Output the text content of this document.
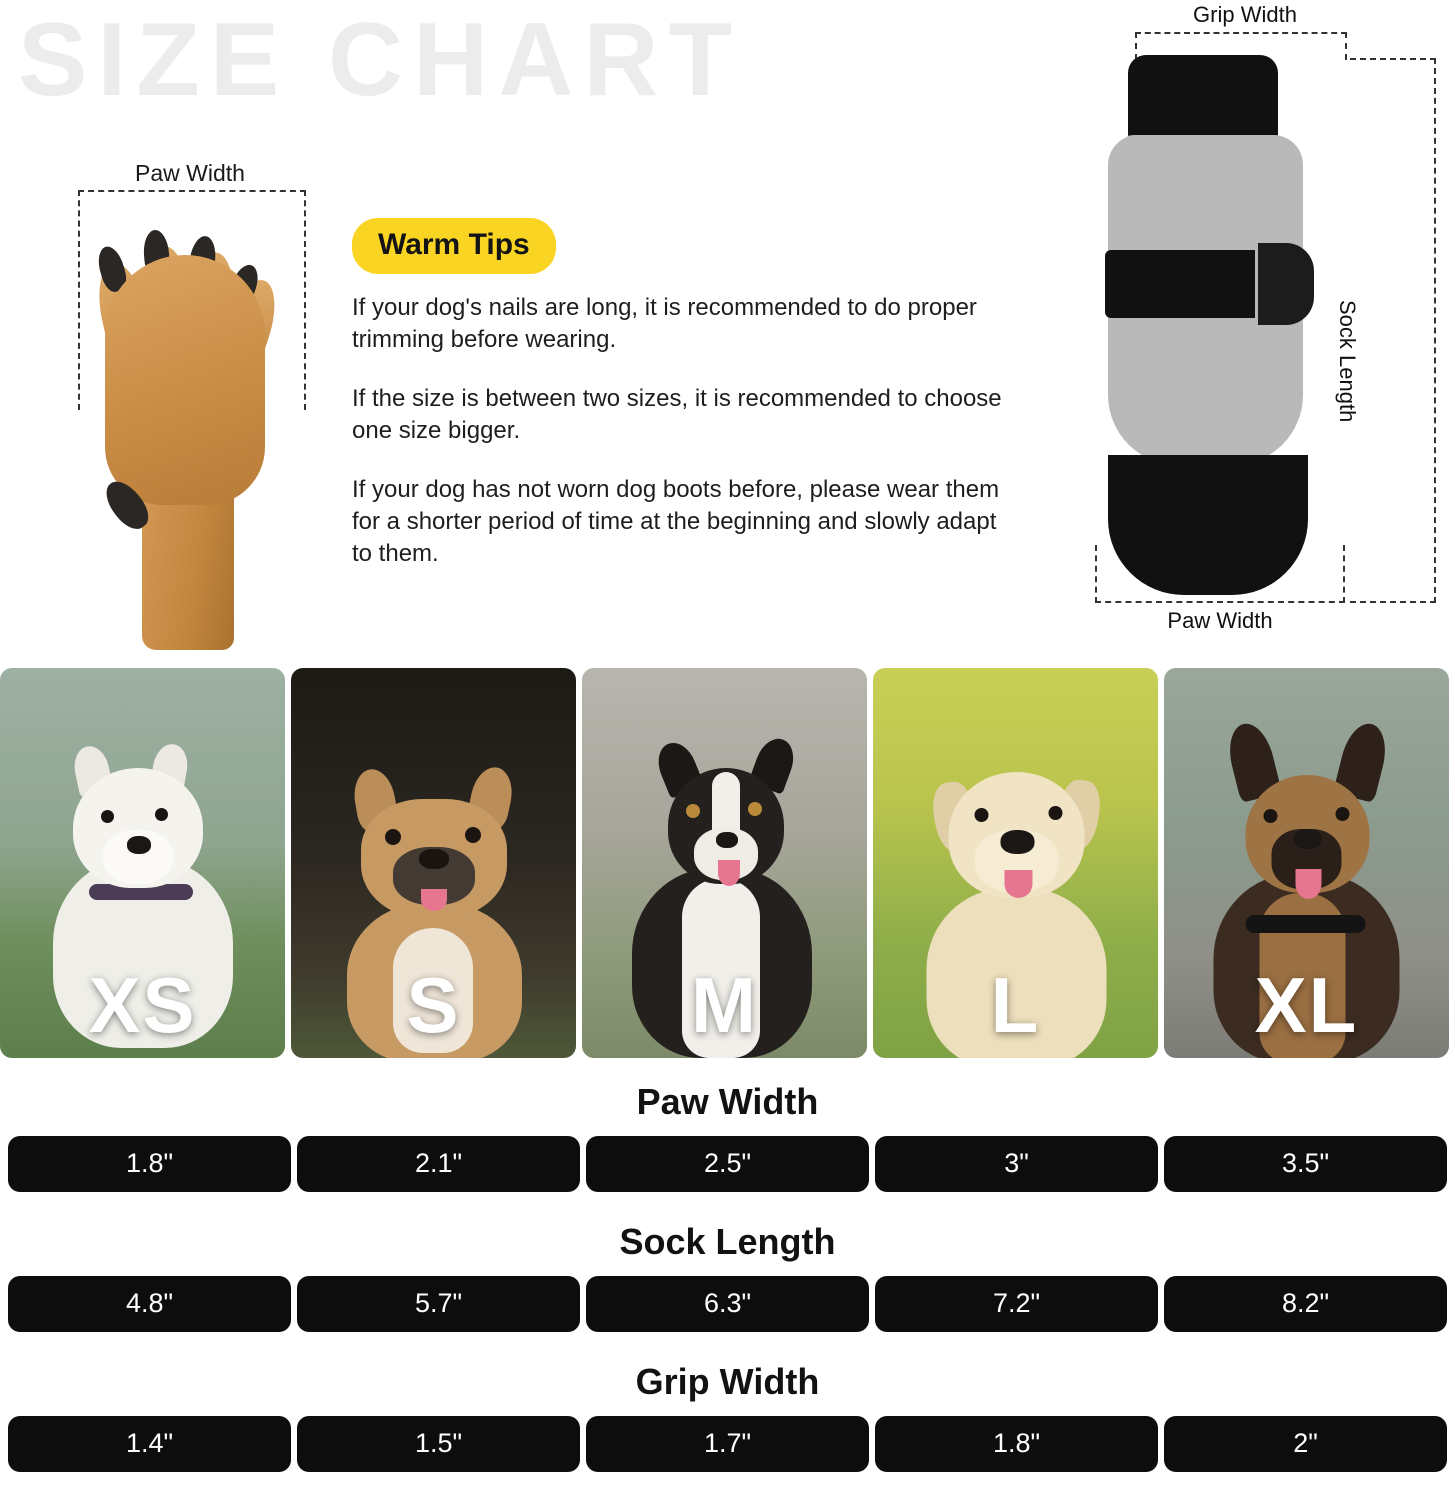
SIZE CHART
Paw Width
Warm Tips

If your dog's nails are long, it is recommended to do proper trimming before wearing.

If the size is between two sizes, it is recommended to choose one size bigger.

If your dog has not worn dog boots before, please wear them for a shorter period of time at the beginning and slowly adapt to them.

Grip Width
Sock Length
Paw Width
XS	S	M	L	XL
Paw Width
1.8"	2.1"	2.5"	3"	3.5"
Sock Length
4.8"	5.7"	6.3"	7.2"	8.2"
Grip Width
1.4"	1.5"	1.7"	1.8"	2"
